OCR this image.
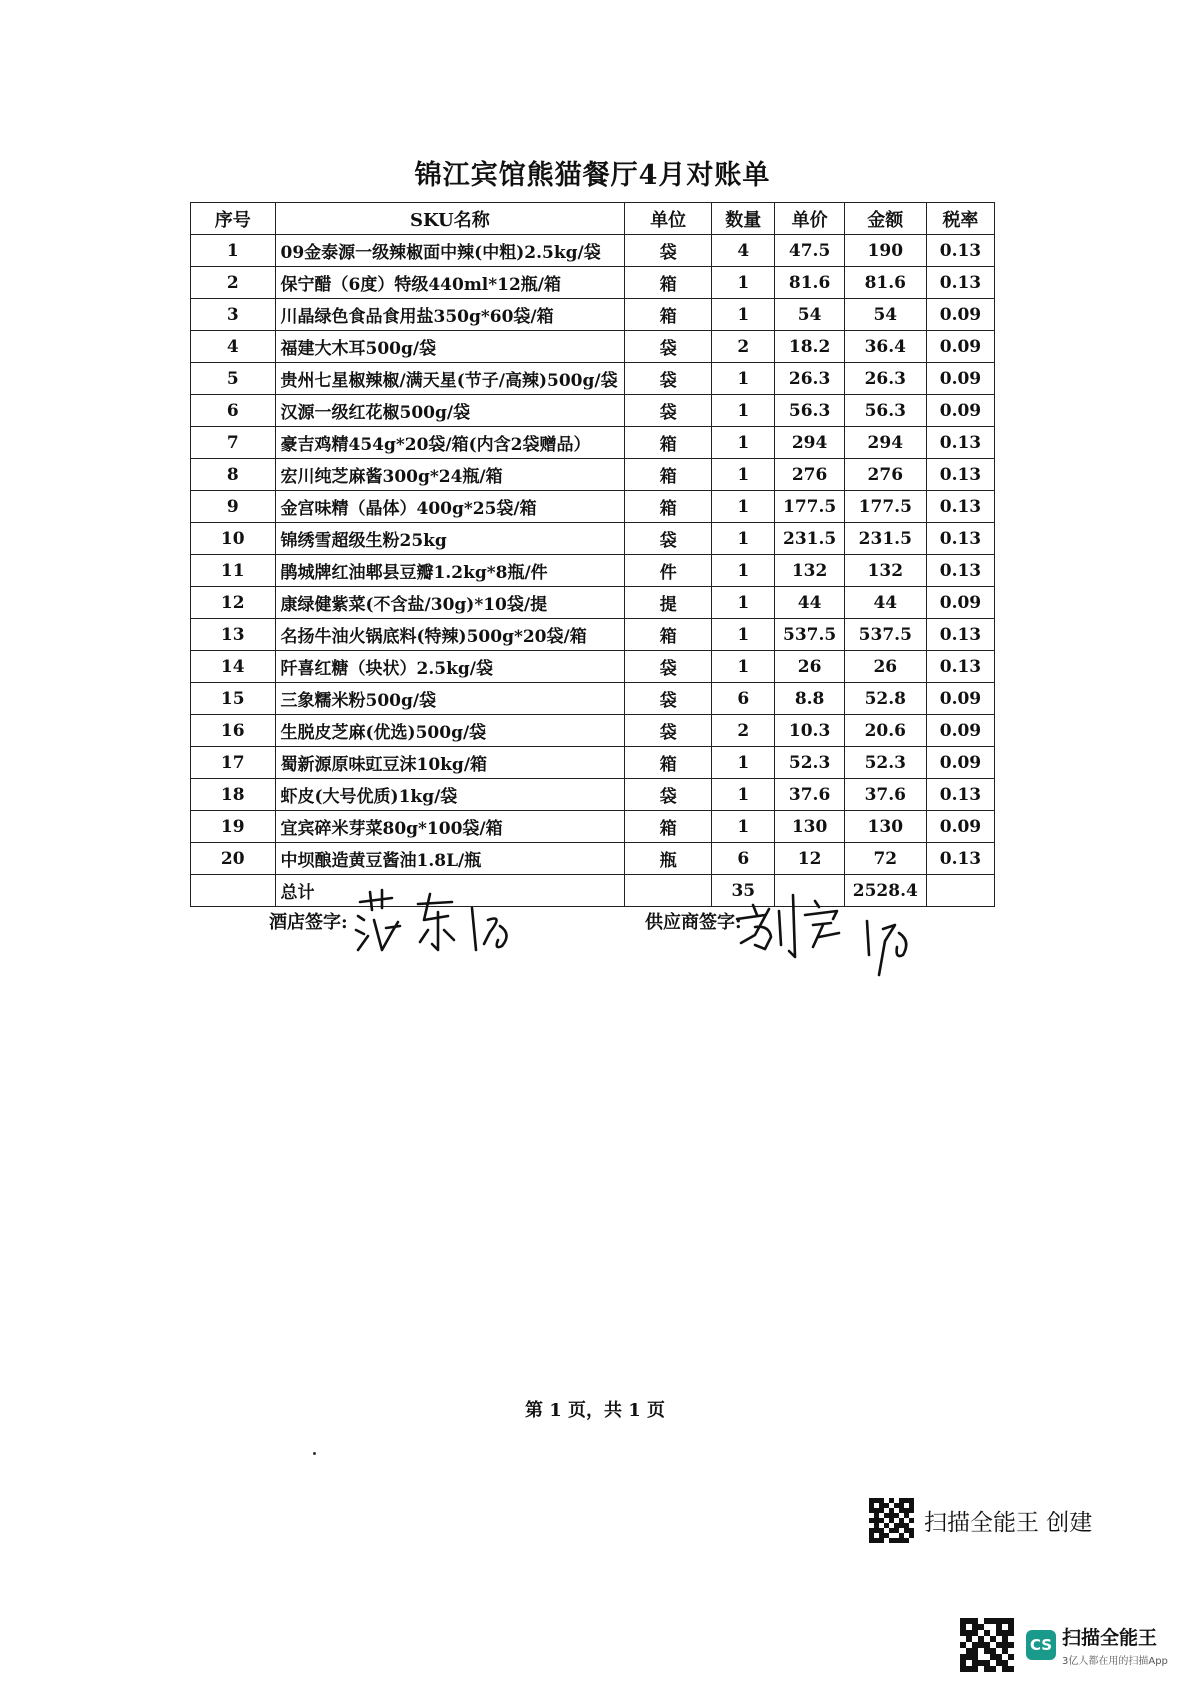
锦江宾馆熊猫餐厅4月对账单
序号	SKU名称	单位	数量	单价	金额	税率
1	09金泰源一级辣椒面中辣(中粗)2.5kg/袋	袋	4	47.5	190	0.13
2	保宁醋（6度）特级440ml*12瓶/箱	箱	1	81.6	81.6	0.13
3	川晶绿色食品食用盐350g*60袋/箱	箱	1	54	54	0.09
4	福建大木耳500g/袋	袋	2	18.2	36.4	0.09
5	贵州七星椒辣椒/满天星(节子/高辣)500g/袋	袋	1	26.3	26.3	0.09
6	汉源一级红花椒500g/袋	袋	1	56.3	56.3	0.09
7	豪吉鸡精454g*20袋/箱(内含2袋赠品）	箱	1	294	294	0.13
8	宏川纯芝麻酱300g*24瓶/箱	箱	1	276	276	0.13
9	金宫味精（晶体）400g*25袋/箱	箱	1	177.5	177.5	0.13
10	锦绣雪超级生粉25kg	袋	1	231.5	231.5	0.13
11	鹃城牌红油郫县豆瓣1.2kg*8瓶/件	件	1	132	132	0.13
12	康绿健紫菜(不含盐/30g)*10袋/提	提	1	44	44	0.09
13	名扬牛油火锅底料(特辣)500g*20袋/箱	箱	1	537.5	537.5	0.13
14	阡喜红糖（块状）2.5kg/袋	袋	1	26	26	0.13
15	三象糯米粉500g/袋	袋	6	8.8	52.8	0.09
16	生脱皮芝麻(优选)500g/袋	袋	2	10.3	20.6	0.09
17	蜀新源原味豇豆沫10kg/箱	箱	1	52.3	52.3	0.09
18	虾皮(大号优质)1kg/袋	袋	1	37.6	37.6	0.13
19	宜宾碎米芽菜80g*100袋/箱	箱	1	130	130	0.09
20	中坝酿造黄豆酱油1.8L/瓶	瓶	6	12	72	0.13
	总计		35		2528.4	
酒店签字:	供应商签字:
第 1 页，共 1 页
扫描全能王 创建
CS 扫描全能王
3亿人都在用的扫描App
